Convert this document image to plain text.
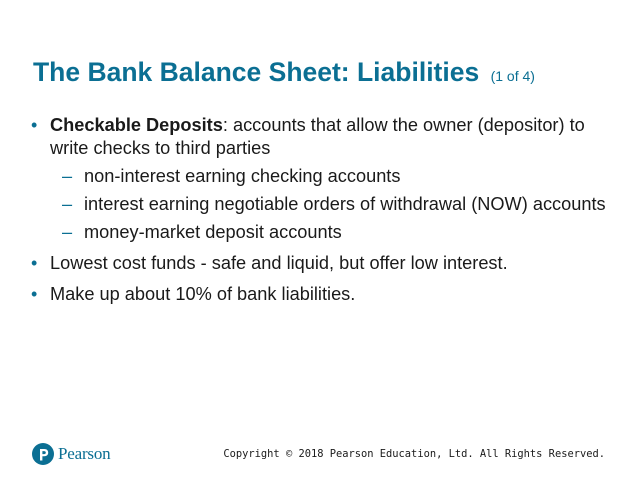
The Bank Balance Sheet: Liabilities (1 of 4)
• Checkable Deposits: accounts that allow the owner (depositor) to write checks to third parties
– non-interest earning checking accounts
– interest earning negotiable orders of withdrawal (NOW) accounts
– money-market deposit accounts
• Lowest cost funds - safe and liquid, but offer low interest.
• Make up about 10% of bank liabilities.
Pearson	Copyright © 2018 Pearson Education, Ltd. All Rights Reserved.
